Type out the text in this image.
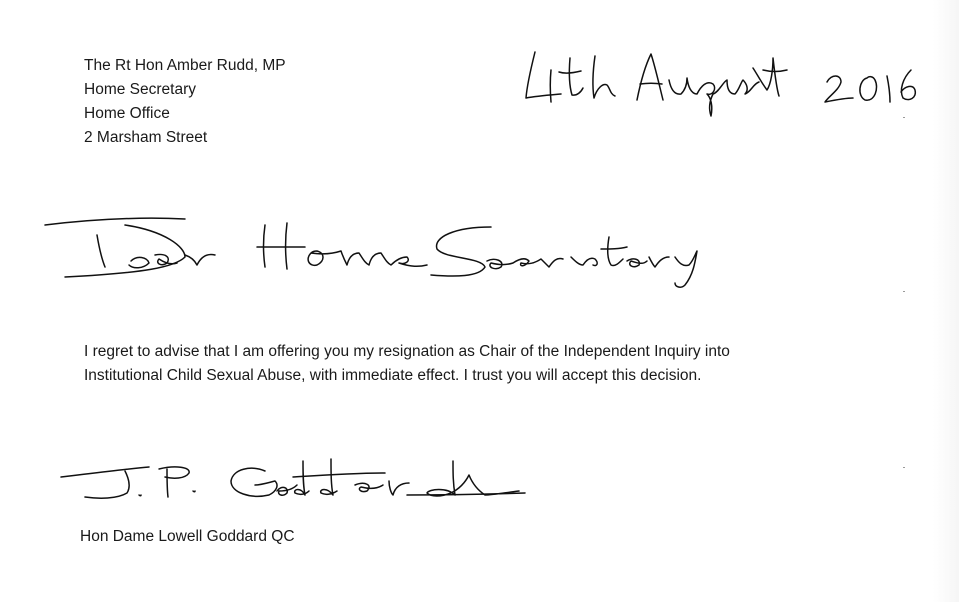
The Rt Hon Amber Rudd, MP
Home Secretary
Home Office
2 Marsham Street
I regret to advise that I am offering you my resignation as Chair of the Independent Inquiry into
Institutional Child Sexual Abuse, with immediate effect. I trust you will accept this decision.
Hon Dame Lowell Goddard QC
